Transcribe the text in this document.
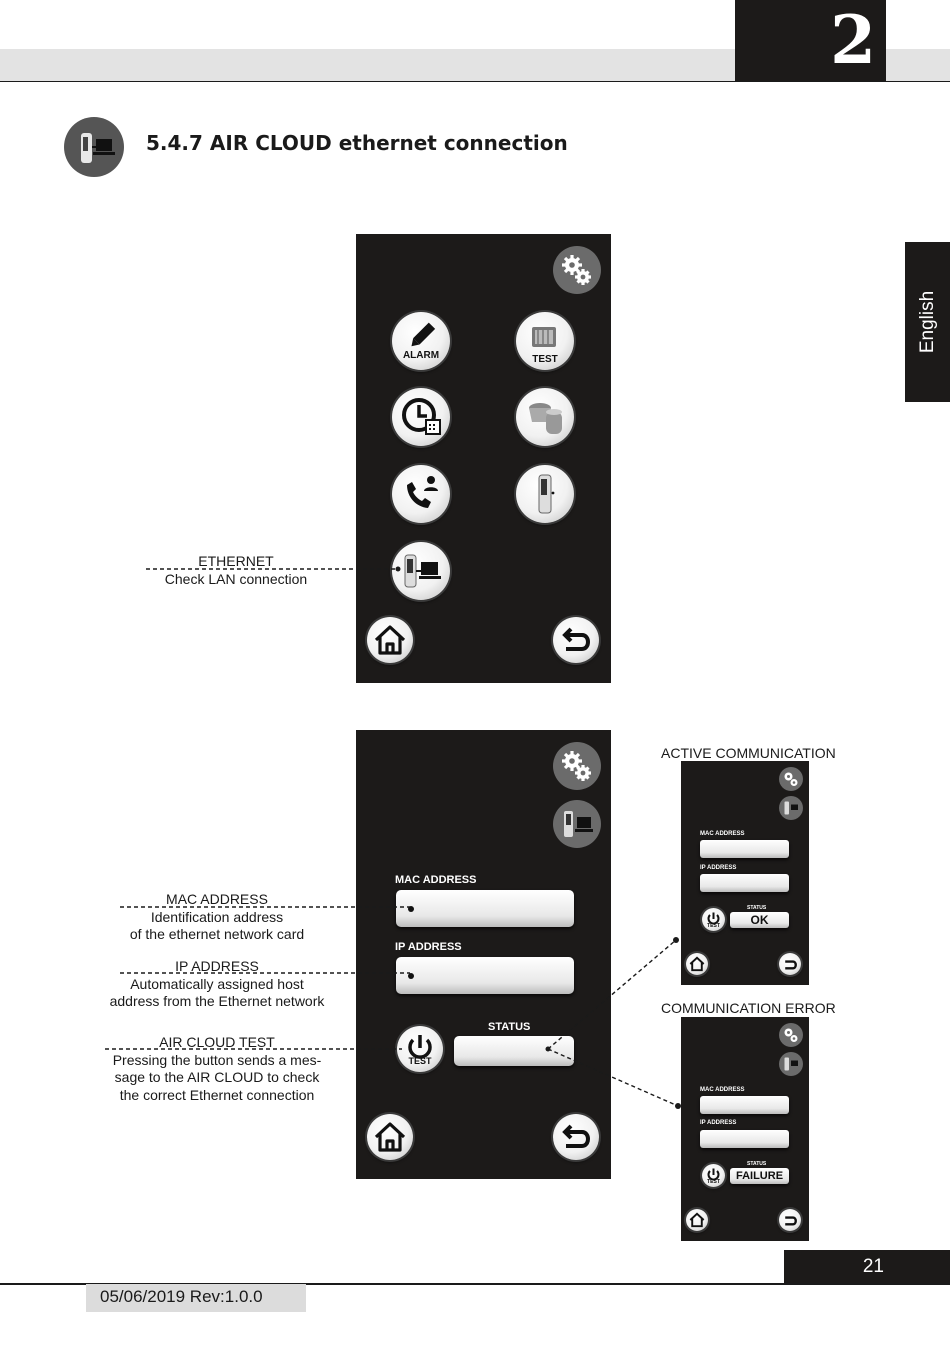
2
English
5.4.7 AIR CLOUD ethernet connection
ALARM	TEST
ETHERNET
Check LAN connection
MAC ADDRESS
IP ADDRESS
TEST
STATUS
MAC ADDRESS
Identification address
of the ethernet network card
IP ADDRESS
Automatically assigned host
address from the Ethernet network
AIR CLOUD TEST
Pressing the button sends a mes-
sage to the AIR CLOUD to check
the correct Ethernet connection
ACTIVE COMMUNICATION
MAC ADDRESS
IP ADDRESS
TEST
STATUS
OK
COMMUNICATION ERROR
MAC ADDRESS
IP ADDRESS
TEST
STATUS
FAILURE
21
05/06/2019 Rev:1.0.0
